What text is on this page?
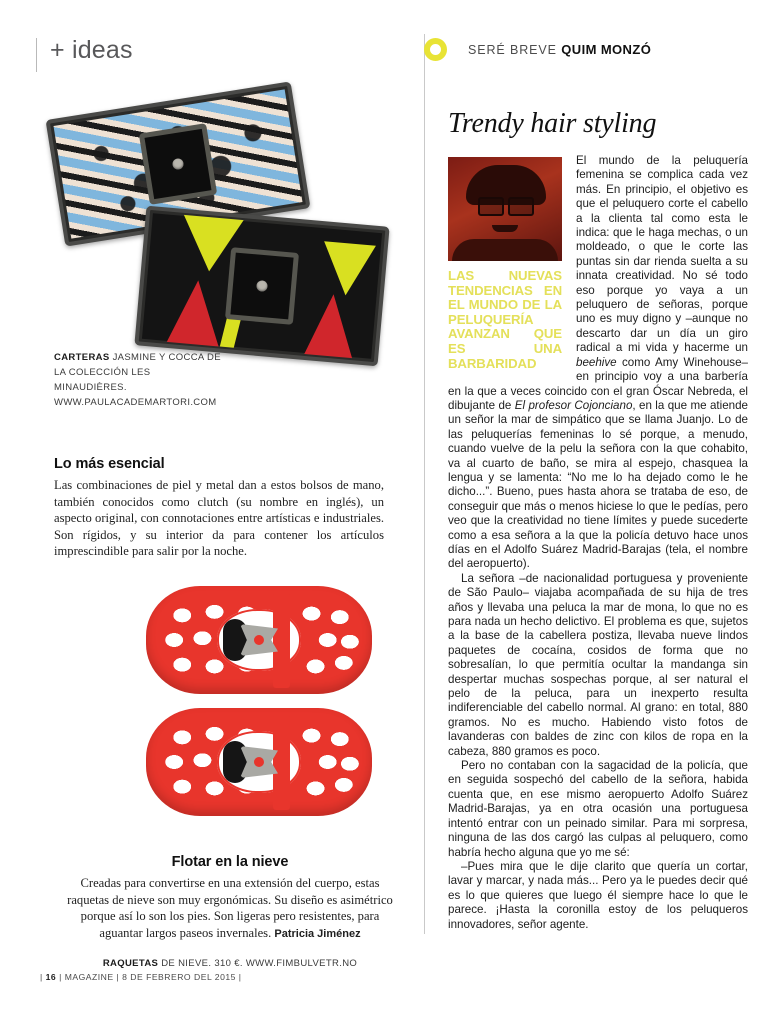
+ ideas
CARTERAS JASMINE Y COCCA DE LA COLECCIÓN LES MINAUDIÈRES. WWW.PAULACADEMARTORI.COM
Lo más esencial

Las combinaciones de piel y metal dan a estos bolsos de mano, también conocidos como clutch (su nombre en inglés), un aspecto original, con connotaciones entre artísticas e industriales. Son rígidos, y su interior da para contener los artículos imprescindible para salir por la noche.

Flotar en la nieve

Creadas para convertirse en una extensión del cuerpo, estas raquetas de nieve son muy ergonómicas. Su diseño es asimétrico porque así lo son los pies. Son ligeras pero resistentes, para aguantar largos paseos invernales. Patricia Jiménez

RAQUETAS DE NIEVE. 310 €. WWW.FIMBULVETR.NO
SERÉ BREVE QUIM MONZÓ
Trendy hair styling
LAS NUEVAS TENDENCIAS EN EL MUNDO DE LA PELUQUERÍA AVANZAN QUE ES UNA BARBARIDAD

El mundo de la peluquería femenina se complica cada vez más. En principio, el objetivo es que el peluquero corte el cabello a la clienta tal como esta le indica: que le haga mechas, o un moldeado, o que le corte las puntas sin dar rienda suelta a su innata creatividad. No sé todo eso porque yo vaya a un peluquero de señoras, porque uno es muy digno y –aunque no descarto dar un día un giro radical a mi vida y hacerme un beehive como Amy Winehouse– en principio voy a una barbería en la que a veces coincido con el gran Óscar Nebreda, el dibujante de El profesor Cojonciano, en la que me atiende un señor la mar de simpático que se llama Juanjo. Lo de las peluquerías femeninas lo sé porque, a menudo, cuando vuelve de la pelu la señora con la que cohabito, va al cuarto de baño, se mira al espejo, chasquea la lengua y se lamenta: “No me lo ha dejado como le he dicho...”. Bueno, pues hasta ahora se trataba de eso, de conseguir que más o menos hiciese lo que le pedías, pero veo que la creatividad no tiene límites y puede sucederte como a esa señora a la que la policía detuvo hace unos días en el Adolfo Suárez Madrid-Barajas (tela, el nombre del aeropuerto).

La señora –de nacionalidad portuguesa y proveniente de São Paulo– viajaba acompañada de su hija de tres años y llevaba una peluca la mar de mona, lo que no es para nada un hecho delictivo. El problema es que, sujetos a la base de la cabellera postiza, llevaba nueve lindos paquetes de cocaína, cosidos de forma que no sobresalían, lo que permitía ocultar la mandanga sin despertar muchas sospechas porque, al ser natural el pelo de la peluca, para un inexperto resulta indiferenciable del cabello normal. Al grano: en total, 880 gramos. No es mucho. Habiendo visto fotos de lavanderas con baldes de zinc con kilos de ropa en la cabeza, 880 gramos es poco.

Pero no contaban con la sagacidad de la policía, que en seguida sospechó del cabello de la señora, habida cuenta que, en ese mismo aeropuerto Adolfo Suárez Madrid-Barajas, ya en otra ocasión una portuguesa intentó entrar con un peinado similar. Para mi sorpresa, ninguna de las dos cargó las culpas al peluquero, como habría hecho alguna que yo me sé:

–Pues mira que le dije clarito que quería un cortar, lavar y marcar, y nada más... Pero ya le puedes decir qué es lo que quieres que luego él siempre hace lo que le parece. ¡Hasta la coronilla estoy de los peluqueros innovadores, señor agente.

| 16 | MAGAZINE | 8 DE FEBRERO DEL 2015 |
